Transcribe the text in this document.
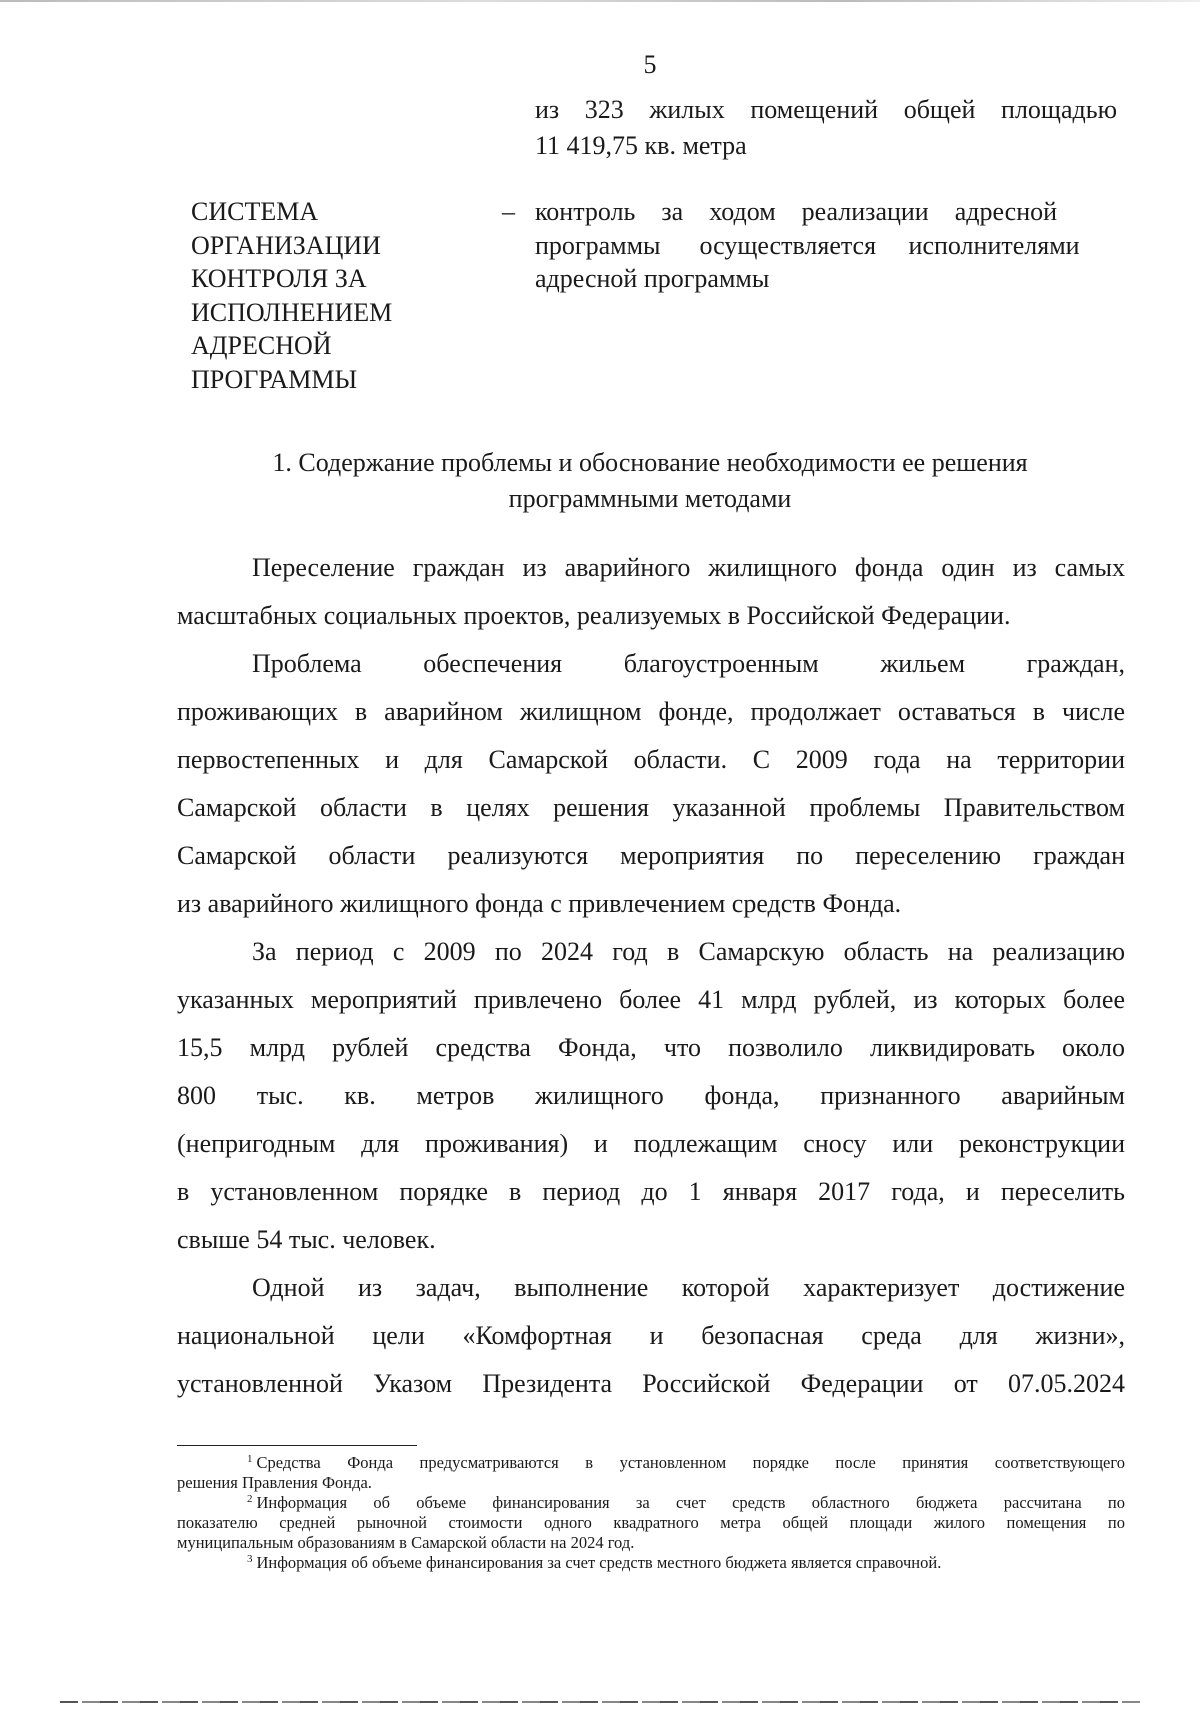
5

из 323 жилых помещений общей площадью

11 419,75 кв. метра

СИСТЕМА
ОРГАНИЗАЦИИ
КОНТРОЛЯ ЗА
ИСПОЛНЕНИЕМ
АДРЕСНОЙ
ПРОГРАММЫ
– контроль    за    ходом    реализации    адресной
программы      осуществляется     исполнителями
адресной программы
1. Содержание проблемы и обоснование необходимости ее решения
программными методами
Переселение граждан из аварийного жилищного фонда один из самых
масштабных социальных проектов, реализуемых в Российской Федерации.
Проблема обеспечения благоустроенным жильем граждан,
проживающих в аварийном жилищном фонде, продолжает оставаться в числе
первостепенных и для Самарской области. С 2009 года на территории
Самарской области в целях решения указанной проблемы Правительством
Самарской области реализуются мероприятия по переселению граждан
из аварийного жилищного фонда с привлечением средств Фонда.
За период с 2009 по 2024 год в Самарскую область на реализацию
указанных мероприятий привлечено более 41 млрд рублей, из которых более
15,5 млрд рублей средства Фонда, что позволило ликвидировать около
800 тыс. кв. метров жилищного фонда, признанного аварийным
(непригодным для проживания) и подлежащим сносу или реконструкции
в установленном порядке в период до 1 января 2017 года, и переселить
свыше 54 тыс. человек.
Одной из задач, выполнение которой характеризует достижение
национальной цели «Комфортная и безопасная среда для жизни»,
установленной Указом Президента Российской Федерации от 07.05.2024
$^1$ Средства Фонда предусматриваются в установленном порядке после принятия соответствующего
решения Правления Фонда.
$^2$ Информация об объеме финансирования за счет средств областного бюджета рассчитана по
показателю средней рыночной стоимости одного квадратного метра общей площади жилого помещения по
муниципальным образованиям в Самарской области на 2024 год.
$^3$ Информация об объеме финансирования за счет средств местного бюджета является справочной.
